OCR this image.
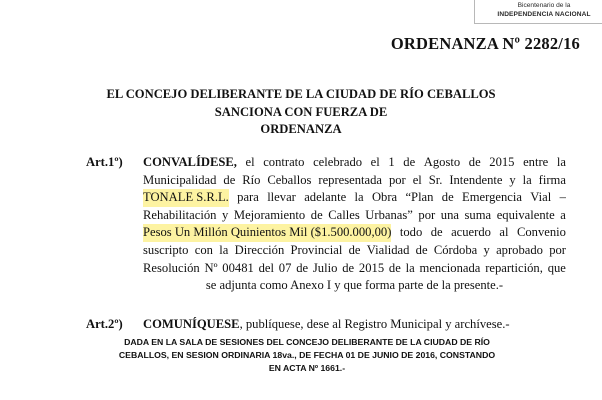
Bicentenario de la
INDEPENDENCIA NACIONAL
ORDENANZA Nº 2282/16
EL CONCEJO DELIBERANTE DE LA CIUDAD DE RÍO CEBALLOS
SANCIONA CON FUERZA DE
ORDENANZA
Art.1º) CONVALÍDESE, el contrato celebrado el 1 de Agosto de 2015 entre la
Municipalidad de Río Ceballos representada por el Sr. Intendente y la firma
TONALE S.R.L. para llevar adelante la Obra “Plan de Emergencia Vial –
Rehabilitación y Mejoramiento de Calles Urbanas” por una suma equivalente a
Pesos Un Millón Quinientos Mil ($1.500.000,00) todo de acuerdo al Convenio
suscripto con la Dirección Provincial de Vialidad de Córdoba y aprobado por
Resolución Nº 00481 del 07 de Julio de 2015 de la mencionada repartición, que
se adjunta como Anexo I y que forma parte de la presente.-
Art.2º) COMUNÍQUESE, publíquese, dese al Registro Municipal y archívese.-
DADA EN LA SALA DE SESIONES DEL CONCEJO DELIBERANTE DE LA CIUDAD DE RÍO
CEBALLOS, EN SESION ORDINARIA 18va., DE FECHA 01 DE JUNIO DE 2016, CONSTANDO
EN ACTA Nº 1661.-
